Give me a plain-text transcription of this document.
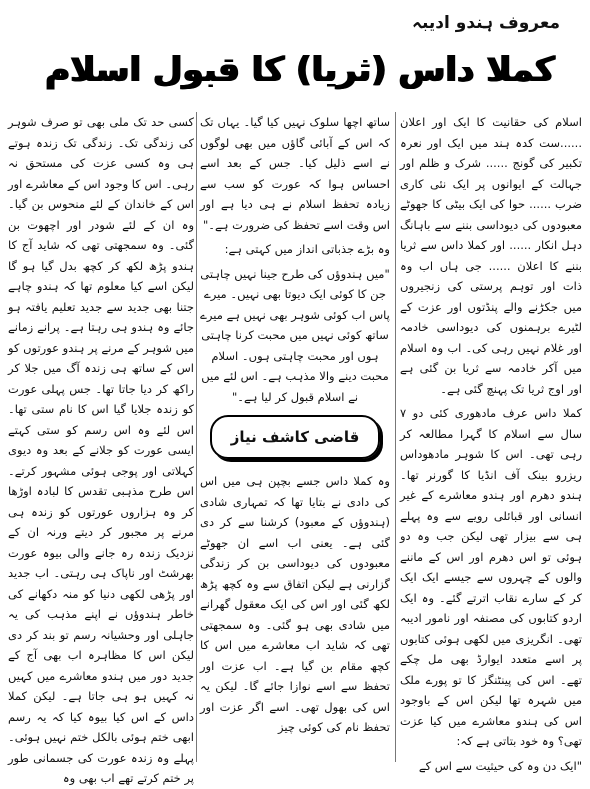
معروف ہندو ادیبہ
کملا داس (ثریا) کا قبول اسلام

اسلام کی حقانیت کا ایک اور اعلان ......ست کدہ ہند میں ایک اور نعرہ تکبیر کی گونج ...... شرک و ظلم اور جہالت کے ایوانوں پر ایک نئی کاری ضرب ...... حوا کی ایک بیٹی کا جھوٹے معبودوں کی دیوداسی بننے سے باہانگ دہل انکار ...... اور کملا داس سے ثریا بننے کا اعلان ...... جی ہاں اب وہ ذات اور توہم پرستی کی زنجیروں میں جکڑنے والے پنڈتوں اور عزت کے لٹیرے برہمنوں کی دیوداسی خادمہ اور غلام نہیں رہی کی۔ اب وہ اسلام میں آکر خادمہ سے ثریا بن گئی ہے اور اوج ثریا تک پہنچ گئی ہے۔

کملا داس عرف مادھوری کئی دو ۷ سال سے اسلام کا گہرا مطالعہ کر رہی تھی۔ اس کا شوہر مادھوداس ریزرو بینک آف انڈیا کا گورنر تھا۔ ہندو دھرم اور ہندو معاشرے کے غیر انسانی اور قبائلی رویے سے وہ پہلے ہی سے بیزار تھی لیکن جب وہ دو ہوئی تو اس دھرم اور اس کے ماننے والوں کے چہروں سے جیسے ایک ایک کر کے سارے نقاب اترتے گئے۔ وہ ایک اردو کتابوں کی مصنفہ اور نامور ادیبہ تھی۔ انگریزی میں لکھی ہوئی کتابوں پر اسے متعدد ایوارڈ بھی مل چکے تھے۔ اس کی پینٹنگز کا تو پورے ملک میں شہرہ تھا لیکن اس کے باوجود اس کی ہندو معاشرے میں کیا عزت تھی؟ وہ خود بتاتی ہے کہ:

"ایک دن وہ کی حیثیت سے اس کے

ساتھ اچھا سلوک نہیں کیا گیا۔ یہاں تک کہ اس کے آبائی گاؤں میں بھی لوگوں نے اسے ذلیل کیا۔ جس کے بعد اسے احساس ہوا کہ عورت کو سب سے زیادہ تحفظ اسلام نے ہی دیا ہے اور اس وقت اسے تحفظ کی ضرورت ہے۔"

وہ بڑے جذباتی انداز میں کہتی ہے:

"میں ہندوؤں کی طرح جینا نہیں چاہتی جن کا کوئی ایک دیوتا بھی نہیں۔ میرے پاس اب کوئی شوہر بھی نہیں ہے میرے ساتھ کوئی نہیں میں محبت کرنا چاہتی ہوں اور محبت چاہتی ہوں۔ اسلام محبت دینے والا مذہب ہے۔ اس لئے میں نے اسلام قبول کر لیا ہے۔"

قاضی کاشف نیاز

وہ کملا داس جسے بچپن ہی میں اس کی دادی نے بتایا تھا کہ تمہاری شادی (ہندوؤں کے معبود) کرشنا سے کر دی گئی ہے۔ یعنی اب اسے ان جھوٹے معبودوں کی دیوداسی بن کر زندگی گزارنی ہے لیکن اتفاق سے وہ کچھ پڑھ لکھ گئی اور اس کی ایک معقول گھرانے میں شادی بھی ہو گئی۔ وہ سمجھتی تھی کہ شاید اب معاشرے میں اس کا کچھ مقام بن گیا ہے۔ اب عزت اور تحفظ سے اسے نوازا جائے گا۔ لیکن یہ اس کی بھول تھی۔ اسے اگر عزت اور تحفظ نام کی کوئی چیز

کسی حد تک ملی بھی تو صرف شوہر کی زندگی تک۔ زندگی تک زندہ ہوتے ہی وہ کسی عزت کی مستحق نہ رہی۔ اس کا وجود اس کے معاشرے اور اس کے خاندان کے لئے منحوس بن گیا۔ وہ ان کے لئے شودر اور اچھوت بن گئی۔ وہ سمجھتی تھی کہ شاید آج کا ہندو پڑھ لکھ کر کچھ بدل گیا ہو گا لیکن اسے کیا معلوم تھا کہ ہندو چاہے جتنا بھی جدید سے جدید تعلیم یافتہ ہو جائے وہ ہندو ہی رہتا ہے۔ پرانے زمانے میں شوہر کے مرنے پر ہندو عورتوں کو اس کے ساتھ ہی زندہ آگ میں جلا کر راکھ کر دیا جاتا تھا۔ جس پہلی عورت کو زندہ جلایا گیا اس کا نام ستی تھا۔ اس لئے وہ اس رسم کو ستی کہتے ایسی عورت کو جلانے کے بعد وہ دیوی کہلاتی اور پوجی ہوئی مشہور کرتے۔ اس طرح مذہبی تقدس کا لبادہ اوڑھا کر وہ ہزاروں عورتوں کو زندہ ہی مرنے پر مجبور کر دیتے ورنہ ان کے نزدیک زندہ رہ جانے والی بیوہ عورت بھرشٹ اور ناپاک ہی رہتی۔ اب جدید اور پڑھی لکھی دنیا کو منہ دکھانے کی خاطر ہندوؤں نے اپنے مذہب کی یہ جاہلی اور وحشیانہ رسم تو بند کر دی لیکن اس کا مظاہرہ اب بھی آج کے جدید دور میں ہندو معاشرے میں کہیں نہ کہیں ہو ہی جاتا ہے۔ لیکن کملا داس کے اس کیا بیوہ کیا کہ یہ رسم ابھی ختم ہوئی بالکل ختم نہیں ہوئی۔ پہلے وہ زندہ عورت کی جسمانی طور پر ختم کرتے تھے اب بھی وہ
